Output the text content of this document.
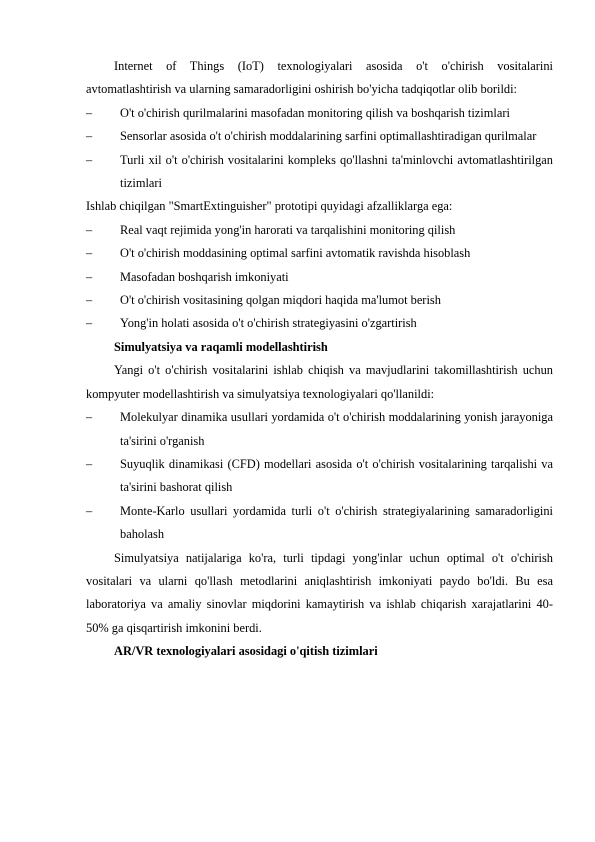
Internet of Things (IoT) texnologiyalari asosida o't o'chirish vositalarini avtomatlashtirish va ularning samaradorligini oshirish bo'yicha tadqiqotlar olib borildi:

–	O't o'chirish qurilmalarini masofadan monitoring qilish va boshqarish tizimlari
–	Sensorlar asosida o't o'chirish moddalarining sarfini optimallashtiradigan qurilmalar
–	Turli xil o't o'chirish vositalarini kompleks qo'llashni ta'minlovchi avtomatlashtirilgan tizimlari

Ishlab chiqilgan "SmartExtinguisher" prototipi quyidagi afzalliklarga ega:

–	Real vaqt rejimida yong'in harorati va tarqalishini monitoring qilish
–	O't o'chirish moddasining optimal sarfini avtomatik ravishda hisoblash
–	Masofadan boshqarish imkoniyati
–	O't o'chirish vositasining qolgan miqdori haqida ma'lumot berish
–	Yong'in holati asosida o't o'chirish strategiyasini o'zgartirish

Simulyatsiya va raqamli modellashtirish

Yangi o't o'chirish vositalarini ishlab chiqish va mavjudlarini takomillashtirish uchun kompyuter modellashtirish va simulyatsiya texnologiyalari qo'llanildi:

–	Molekulyar dinamika usullari yordamida o't o'chirish moddalarining yonish jarayoniga ta'sirini o'rganish
–	Suyuqlik dinamikasi (CFD) modellari asosida o't o'chirish vositalarining tarqalishi va ta'sirini bashorat qilish
–	Monte-Karlo usullari yordamida turli o't o'chirish strategiyalarining samaradorligini baholash

Simulyatsiya natijalariga ko'ra, turli tipdagi yong'inlar uchun optimal o't o'chirish vositalari va ularni qo'llash metodlarini aniqlashtirish imkoniyati paydo bo'ldi. Bu esa laboratoriya va amaliy sinovlar miqdorini kamaytirish va ishlab chiqarish xarajatlarini 40-50% ga qisqartirish imkonini berdi.

AR/VR texnologiyalari asosidagi o'qitish tizimlari
